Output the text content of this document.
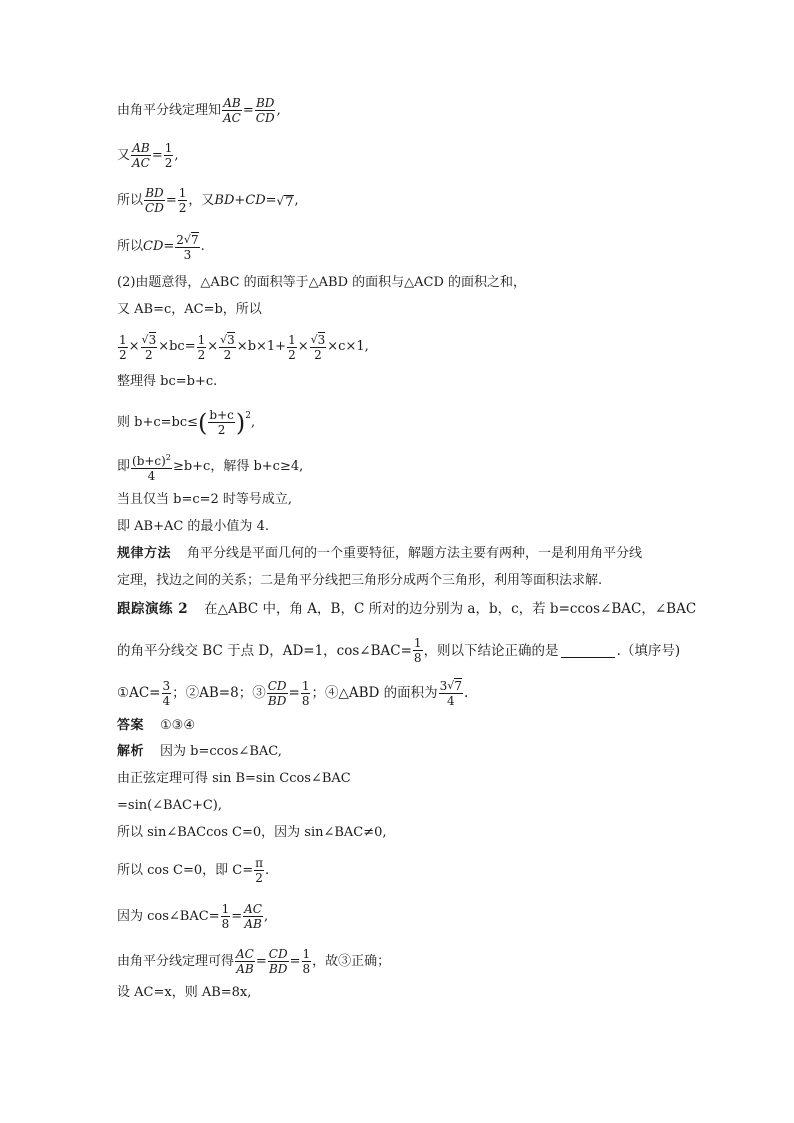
由角平分线定理知 $\frac{AB}{AC} = \frac{BD}{CD}$ ,
又 $\frac{AB}{AC} = \frac{1}{2}$ ,
所以 $\frac{BD}{CD} = \frac{1}{2}$ ，又 BD+CD= √ 7 ,
所以 $CD= \frac{2 √ 7}{3}$ .
(2)由题意得，△ABC 的面积等于△ABD 的面积与△ACD 的面积之和，
又 AB=c，AC=b，所以
$\frac{1}{2} \times \frac{√ 3}{2} \times bc= \frac{1}{2} \times \frac{√ 3}{2} \times b\times 1+ \frac{1}{2} \times \frac{√ 3}{2} \times c\times 1$,
整理得 bc=b+c.
则 b+c=bc≤ ( $\frac{b+c}{2}$ ) 2 ,
即 $\frac{(b+c)^2}{4} \ge b+c$，解得 b+c≥4,
当且仅当 b=c=2 时等号成立,
即 AB+AC 的最小值为 4.
规律方法 角平分线是平面几何的一个重要特征，解题方法主要有两种，一是利用角平分线
定理，找边之间的关系；二是角平分线把三角形分成两个三角形，利用等面积法求解.
跟踪演练 2 在△ABC 中，角 A，B，C 所对的边分别为 a，b，c，若 b=ccos∠BAC，∠BAC
的角平分线交 BC 于点 D，AD=1，cos∠BAC= $\frac{1}{8}$ ，则以下结论正确的是	.（填序号)
①AC= $\frac{3}{4}$ ；②AB=8；③ $\frac{CD}{BD} = \frac{1}{8}$ ；④△ABD 的面积为 $\frac{3 √ 7}{4}$ .
答案 ①③④
解析 因为 b=ccos∠BAC,
由正弦定理可得 sin B=sin Ccos∠BAC
=sin(∠BAC+C),
所以 sin∠BACcos C=0，因为 sin∠BAC≠0,
所以 cos C=0，即 $C= \frac{\pi}{2}$ .
因为 cos∠BAC= $\frac{1}{8} = \frac{AC}{AB}$ ,
由角平分线定理可得 $\frac{AC}{AB} = \frac{CD}{BD} = \frac{1}{8}$ ，故③正确；
设 AC=x，则 AB=8x,
